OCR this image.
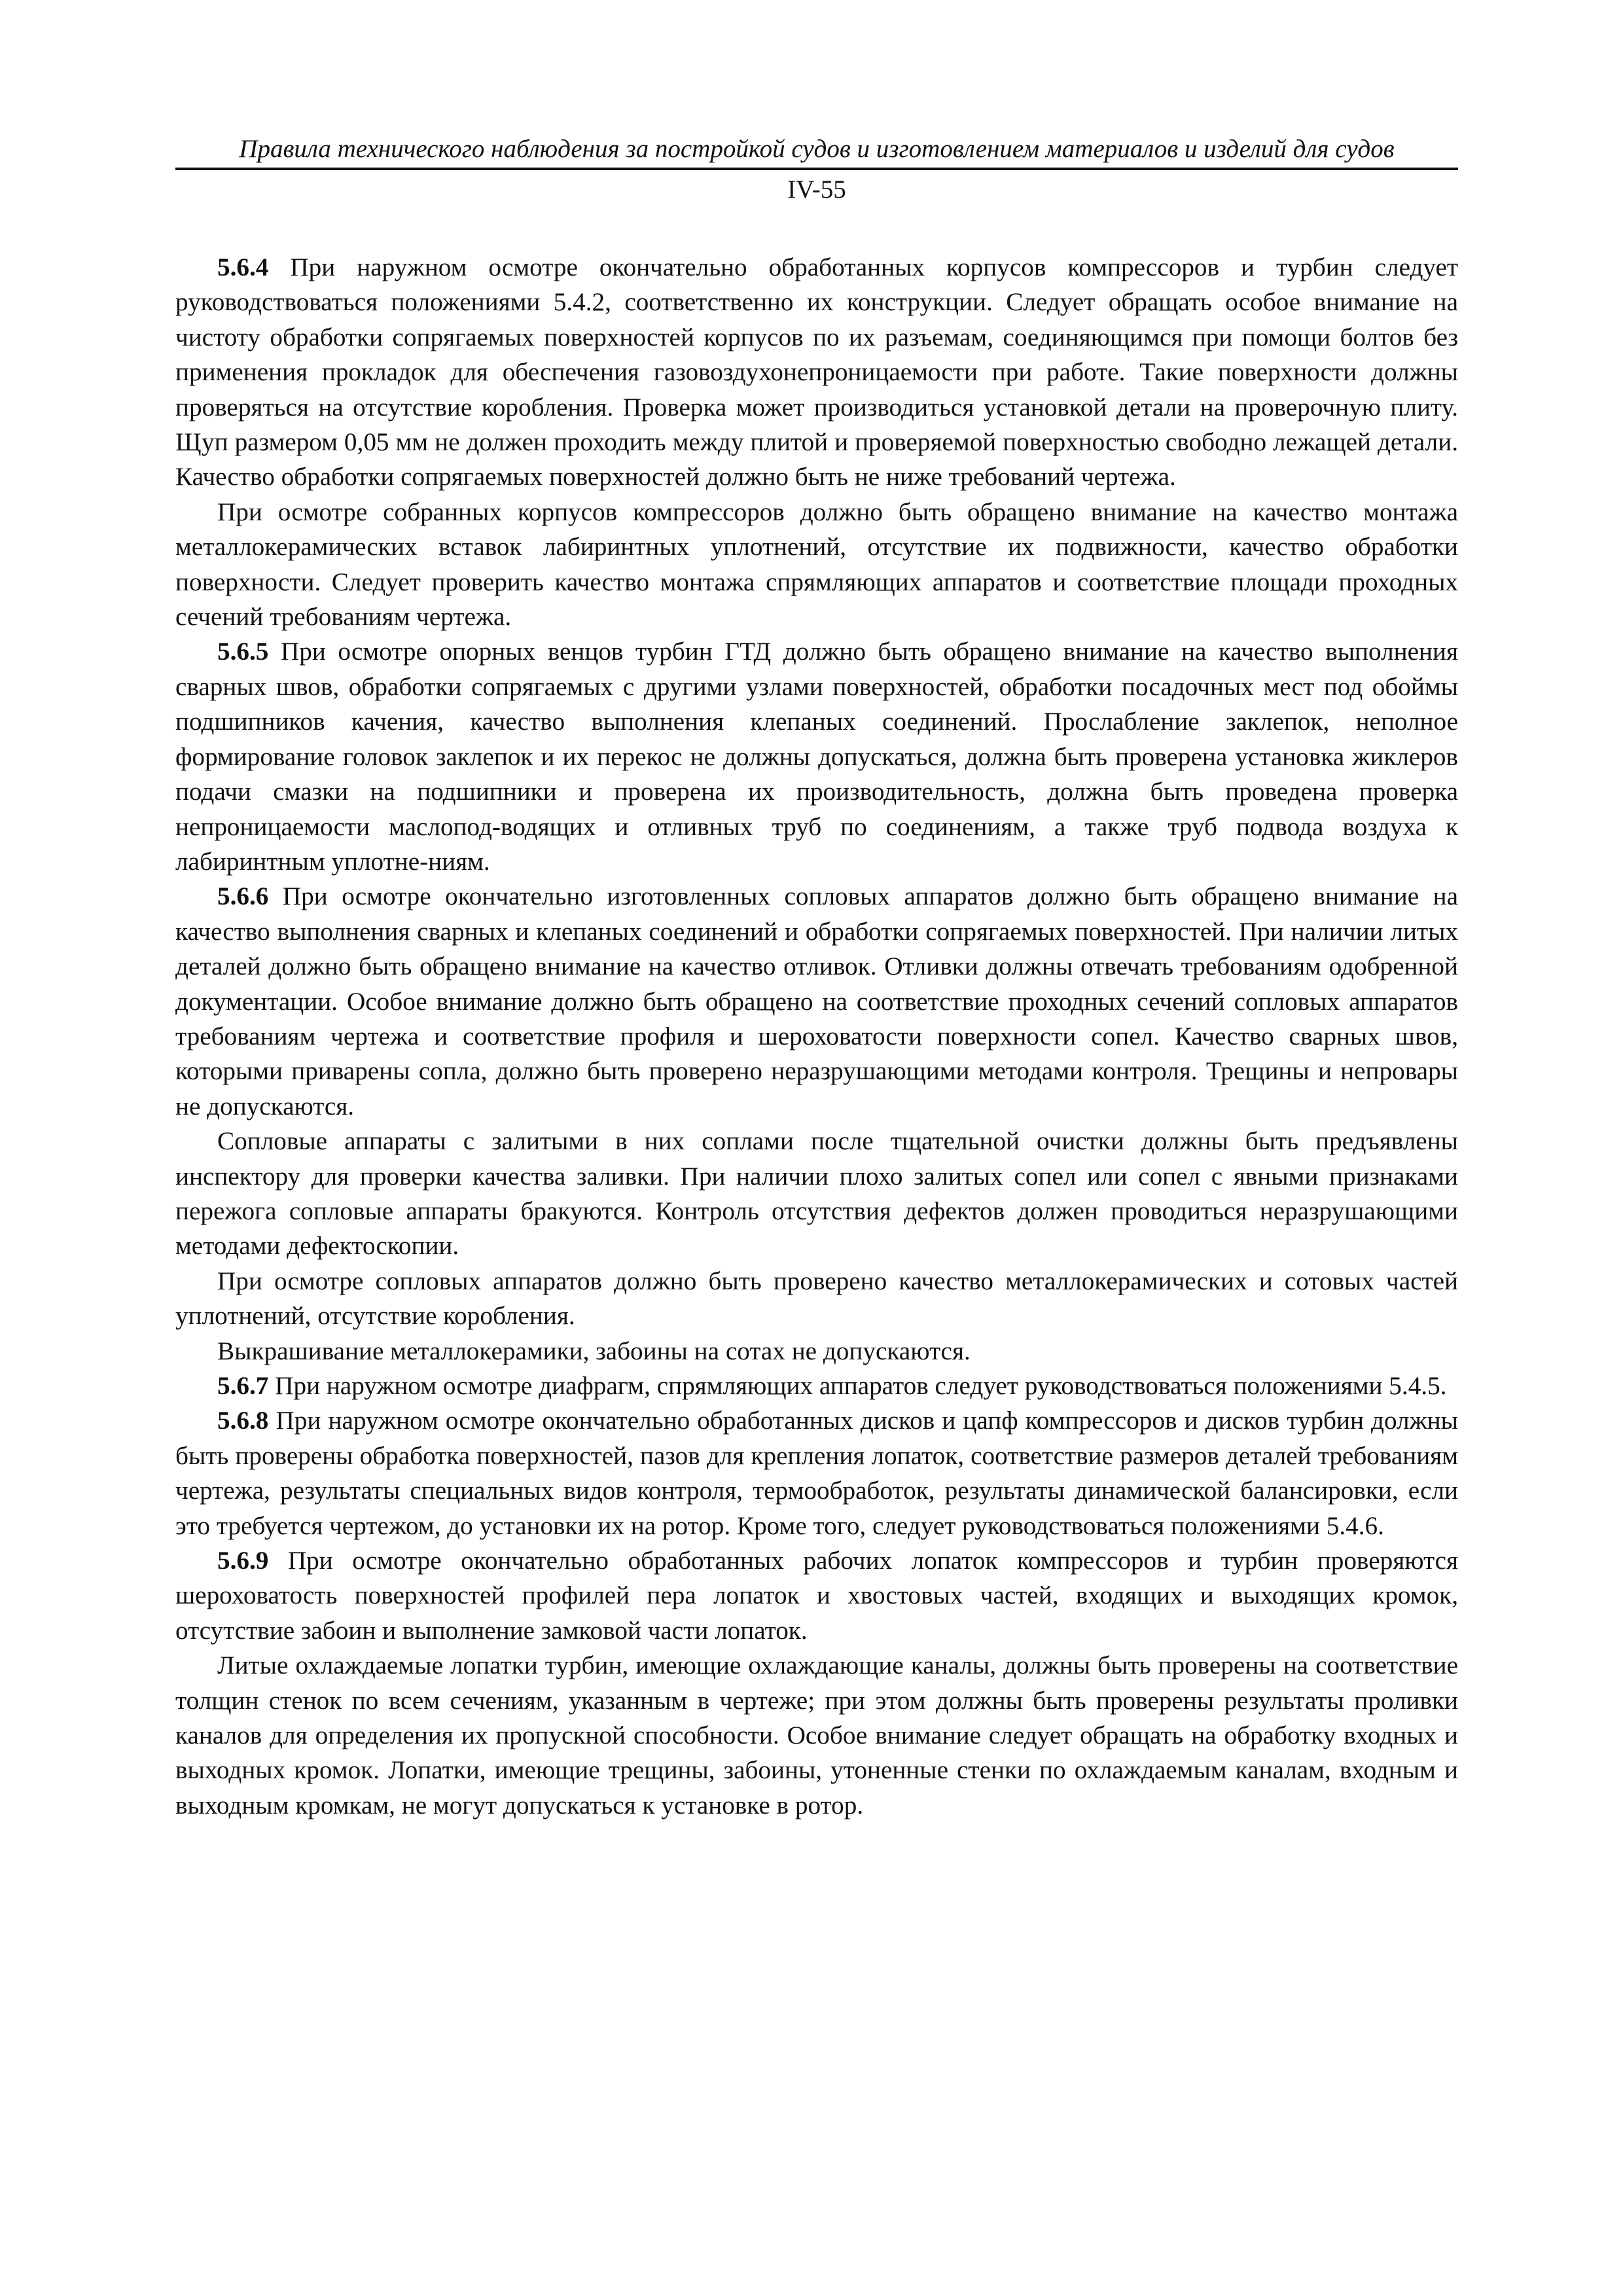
Правила технического наблюдения за постройкой судов и изготовлением материалов и изделий для судов
IV-55

5.6.4 При наружном осмотре окончательно обработанных корпусов компрессоров и турбин следует руководствоваться положениями 5.4.2, соответственно их конструкции. Следует обращать особое внимание на чистоту обработки сопрягаемых поверхностей корпусов по их разъемам, соединяющимся при помощи болтов без применения прокладок для обеспечения газовоздухонепроницаемости при работе. Такие поверхности должны проверяться на отсутствие коробления. Проверка может производиться установкой детали на проверочную плиту. Щуп размером 0,05 мм не должен проходить между плитой и проверяемой поверхностью свободно лежащей детали. Качество обработки сопрягаемых поверхностей должно быть не ниже требований чертежа.

При осмотре собранных корпусов компрессоров должно быть обращено внимание на качество монтажа металлокерамических вставок лабиринтных уплотнений, отсутствие их подвижности, качество обработки поверхности. Следует проверить качество монтажа спрямляющих аппаратов и соответствие площади проходных сечений требованиям чертежа.

5.6.5 При осмотре опорных венцов турбин ГТД должно быть обращено внимание на качество выполнения сварных швов, обработки сопрягаемых с другими узлами поверхностей, обработки посадочных мест под обоймы подшипников качения, качество выполнения клепаных соединений. Прослабление заклепок, неполное формирование головок заклепок и их перекос не должны допускаться, должна быть проверена установка жиклеров подачи смазки на подшипники и проверена их производительность, должна быть проведена проверка непроницаемости маслопод-водящих и отливных труб по соединениям, а также труб подвода воздуха к лабиринтным уплотне-ниям.

5.6.6 При осмотре окончательно изготовленных сопловых аппаратов должно быть обращено внимание на качество выполнения сварных и клепаных соединений и обработки сопрягаемых поверхностей. При наличии литых деталей должно быть обращено внимание на качество отливок. Отливки должны отвечать требованиям одобренной документации. Особое внимание должно быть обращено на соответствие проходных сечений сопловых аппаратов требованиям чертежа и соответствие профиля и шероховатости поверхности сопел. Качество сварных швов, которыми приварены сопла, должно быть проверено неразрушающими методами контроля. Трещины и непровары не допускаются.

Сопловые аппараты с залитыми в них соплами после тщательной очистки должны быть предъявлены инспектору для проверки качества заливки. При наличии плохо залитых сопел или сопел с явными признаками пережога сопловые аппараты бракуются. Контроль отсутствия дефектов должен проводиться неразрушающими методами дефектоскопии.

При осмотре сопловых аппаратов должно быть проверено качество металлокерамических и сотовых частей уплотнений, отсутствие коробления.

Выкрашивание металлокерамики, забоины на сотах не допускаются.

5.6.7 При наружном осмотре диафрагм, спрямляющих аппаратов следует руководствоваться положениями 5.4.5.

5.6.8 При наружном осмотре окончательно обработанных дисков и цапф компрессоров и дисков турбин должны быть проверены обработка поверхностей, пазов для крепления лопаток, соответствие размеров деталей требованиям чертежа, результаты специальных видов контроля, термообработок, результаты динамической балансировки, если это требуется чертежом, до установки их на ротор. Кроме того, следует руководствоваться положениями 5.4.6.

5.6.9 При осмотре окончательно обработанных рабочих лопаток компрессоров и турбин проверяются шероховатость поверхностей профилей пера лопаток и хвостовых частей, входящих и выходящих кромок, отсутствие забоин и выполнение замковой части лопаток.

Литые охлаждаемые лопатки турбин, имеющие охлаждающие каналы, должны быть проверены на соответствие толщин стенок по всем сечениям, указанным в чертеже; при этом должны быть проверены результаты проливки каналов для определения их пропускной способности. Особое внимание следует обращать на обработку входных и выходных кромок. Лопатки, имеющие трещины, забоины, утоненные стенки по охлаждаемым каналам, входным и выходным кромкам, не могут допускаться к установке в ротор.
